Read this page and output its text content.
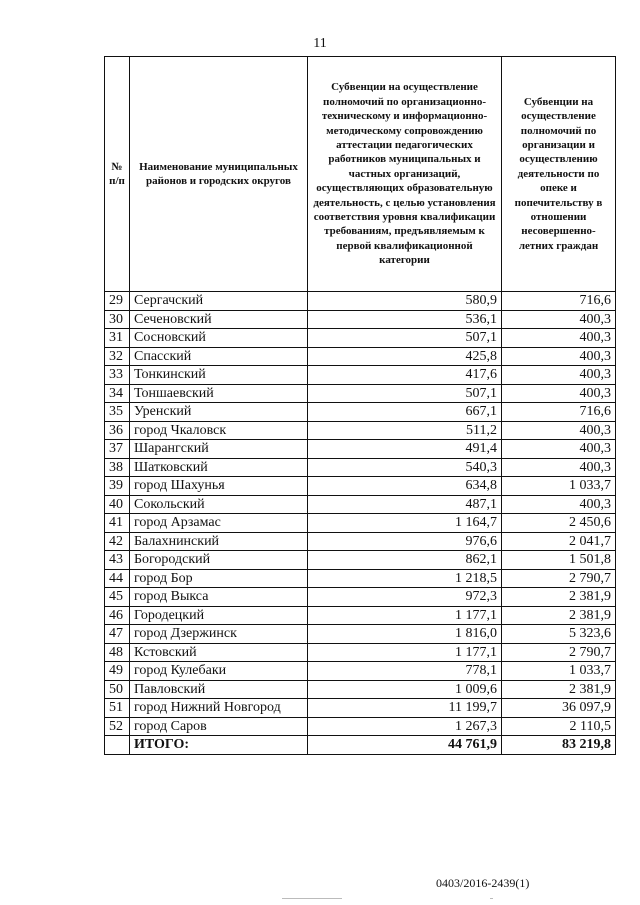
11
№ п/п	Наименование муниципальных районов и городских округов	Субвенции на осуществление полномочий по организационно-техническому и информационно-методическому сопровождению аттестации педагогических работников муниципальных и частных организаций, осуществляющих образовательную деятельность, с целью установления соответствия уровня квалификации требованиям, предъявляемым к первой квалификационной категории	Субвенции на осуществление полномочий по организации и осуществлению деятельности по опеке и попечительству в отношении несовершенно-летних граждан
29	Сергачский	580,9	716,6
30	Сеченовский	536,1	400,3
31	Сосновский	507,1	400,3
32	Спасский	425,8	400,3
33	Тонкинский	417,6	400,3
34	Тоншаевский	507,1	400,3
35	Уренский	667,1	716,6
36	город Чкаловск	511,2	400,3
37	Шарангский	491,4	400,3
38	Шатковский	540,3	400,3
39	город Шахунья	634,8	1 033,7
40	Сокольский	487,1	400,3
41	город Арзамас	1 164,7	2 450,6
42	Балахнинский	976,6	2 041,7
43	Богородский	862,1	1 501,8
44	город Бор	1 218,5	2 790,7
45	город Выкса	972,3	2 381,9
46	Городецкий	1 177,1	2 381,9
47	город Дзержинск	1 816,0	5 323,6
48	Кстовский	1 177,1	2 790,7
49	город Кулебаки	778,1	1 033,7
50	Павловский	1 009,6	2 381,9
51	город Нижний Новгород	11 199,7	36 097,9
52	город Саров	1 267,3	2 110,5
	ИТОГО:	44 761,9	83 219,8
0403/2016-2439(1)
